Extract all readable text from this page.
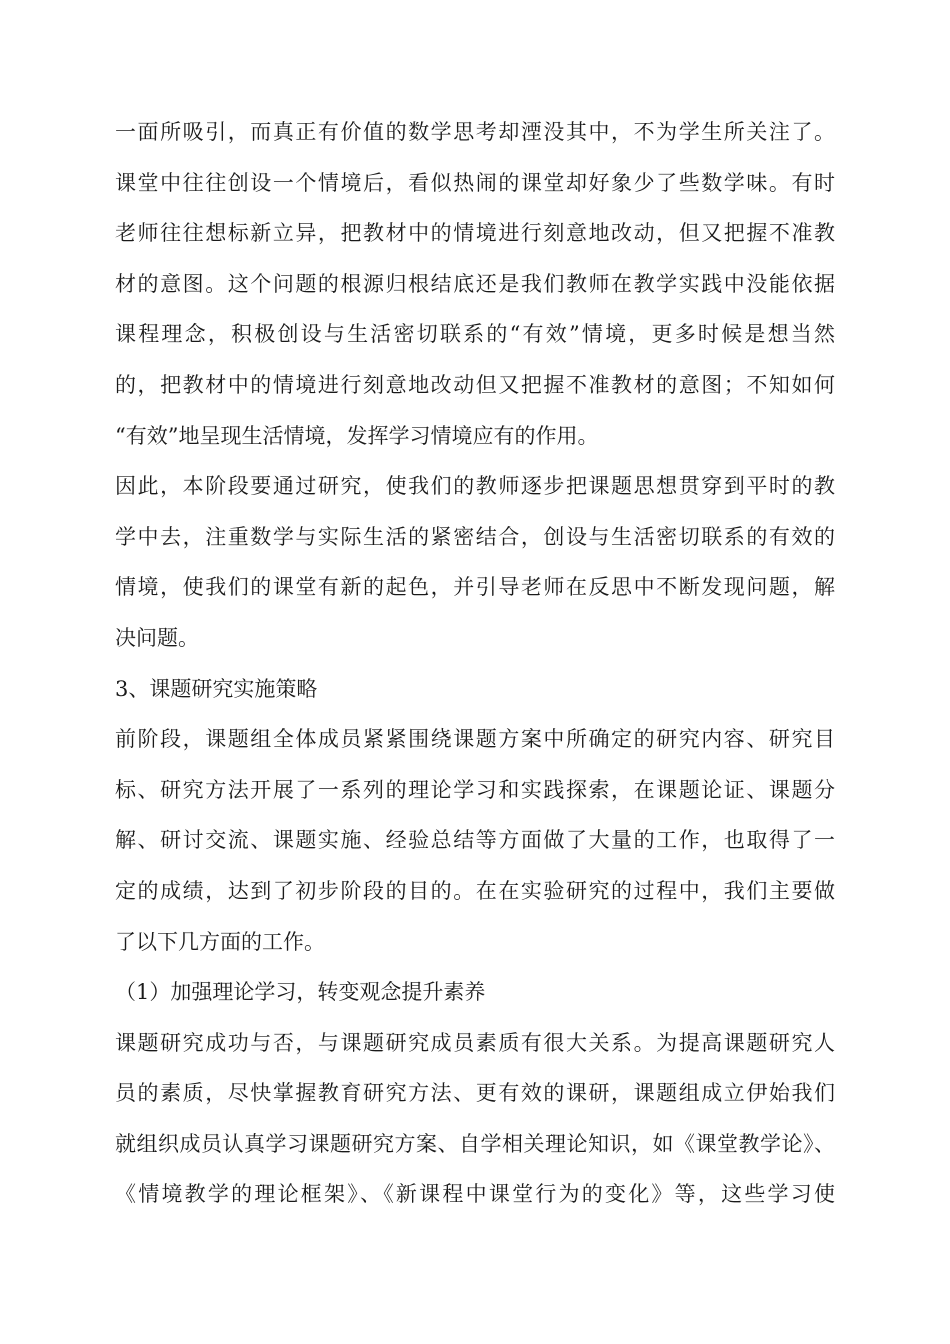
一面所吸引，而真正有价值的数学思考却湮没其中，不为学生所关注了。
课堂中往往创设一个情境后，看似热闹的课堂却好象少了些数学味。有时
老师往往想标新立异，把教材中的情境进行刻意地改动，但又把握不准教
材的意图。这个问题的根源归根结底还是我们教师在教学实践中没能依据
课程理念，积极创设与生活密切联系的“有效”情境，更多时候是想当然
的，把教材中的情境进行刻意地改动但又把握不准教材的意图；不知如何
“有效”地呈现生活情境，发挥学习情境应有的作用。
因此，本阶段要通过研究，使我们的教师逐步把课题思想贯穿到平时的教
学中去，注重数学与实际生活的紧密结合，创设与生活密切联系的有效的
情境，使我们的课堂有新的起色，并引导老师在反思中不断发现问题，解
决问题。
3、课题研究实施策略
前阶段，课题组全体成员紧紧围绕课题方案中所确定的研究内容、研究目
标、研究方法开展了一系列的理论学习和实践探索，在课题论证、课题分
解、研讨交流、课题实施、经验总结等方面做了大量的工作，也取得了一
定的成绩，达到了初步阶段的目的。在在实验研究的过程中，我们主要做
了以下几方面的工作。
（1）加强理论学习，转变观念提升素养
课题研究成功与否，与课题研究成员素质有很大关系。为提高课题研究人
员的素质，尽快掌握教育研究方法、更有效的课研，课题组成立伊始我们
就组织成员认真学习课题研究方案、自学相关理论知识，如《课堂教学论》、
《情境教学的理论框架》、《新课程中课堂行为的变化》等，这些学习使
